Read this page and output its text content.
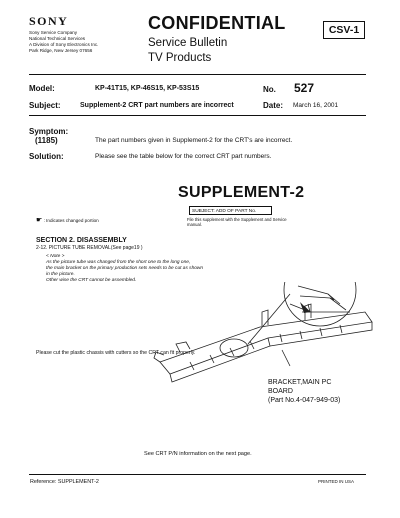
SONY
Sony Service Company
National Technical Services
A Division of Sony Electronics Inc.
Park Ridge, New Jersey 07656
CONFIDENTIAL
Service Bulletin
TV Products
CSV-1
Model:	KP-41T15, KP-46S15, KP-53S15	No. 527
Subject:	Supplement-2 CRT part numbers are incorrect	Date: March 16, 2001
Symptom:
(1185)	The part numbers given in Supplement-2 for the CRT's are incorrect.
Solution:	Please see the table below for the correct CRT part numbers.
SUPPLEMENT-2
SUBJECT: ADD OF PART No.
File this supplement with the Supplement and Service manual.
☛ : Indicates changed portion
SECTION 2. DISASSEMBLY
2-12. PICTURE TUBE REMOVAL(See page19 )
< Note >
As the picture tube was changed from the short one to the long one,
the main bracket on the primary production sets needs to be cut as shown
in the picture.
Other wise the CRT cannot be assembled.
Please cut the plastic chassis with cutters so the CRT can fit properly.
BRACKET,MAIN PC
BOARD
(Part No.4-047-949-03)
See CRT P/N information on the next page.
Reference: SUPPLEMENT-2	PRINTED IN USA
